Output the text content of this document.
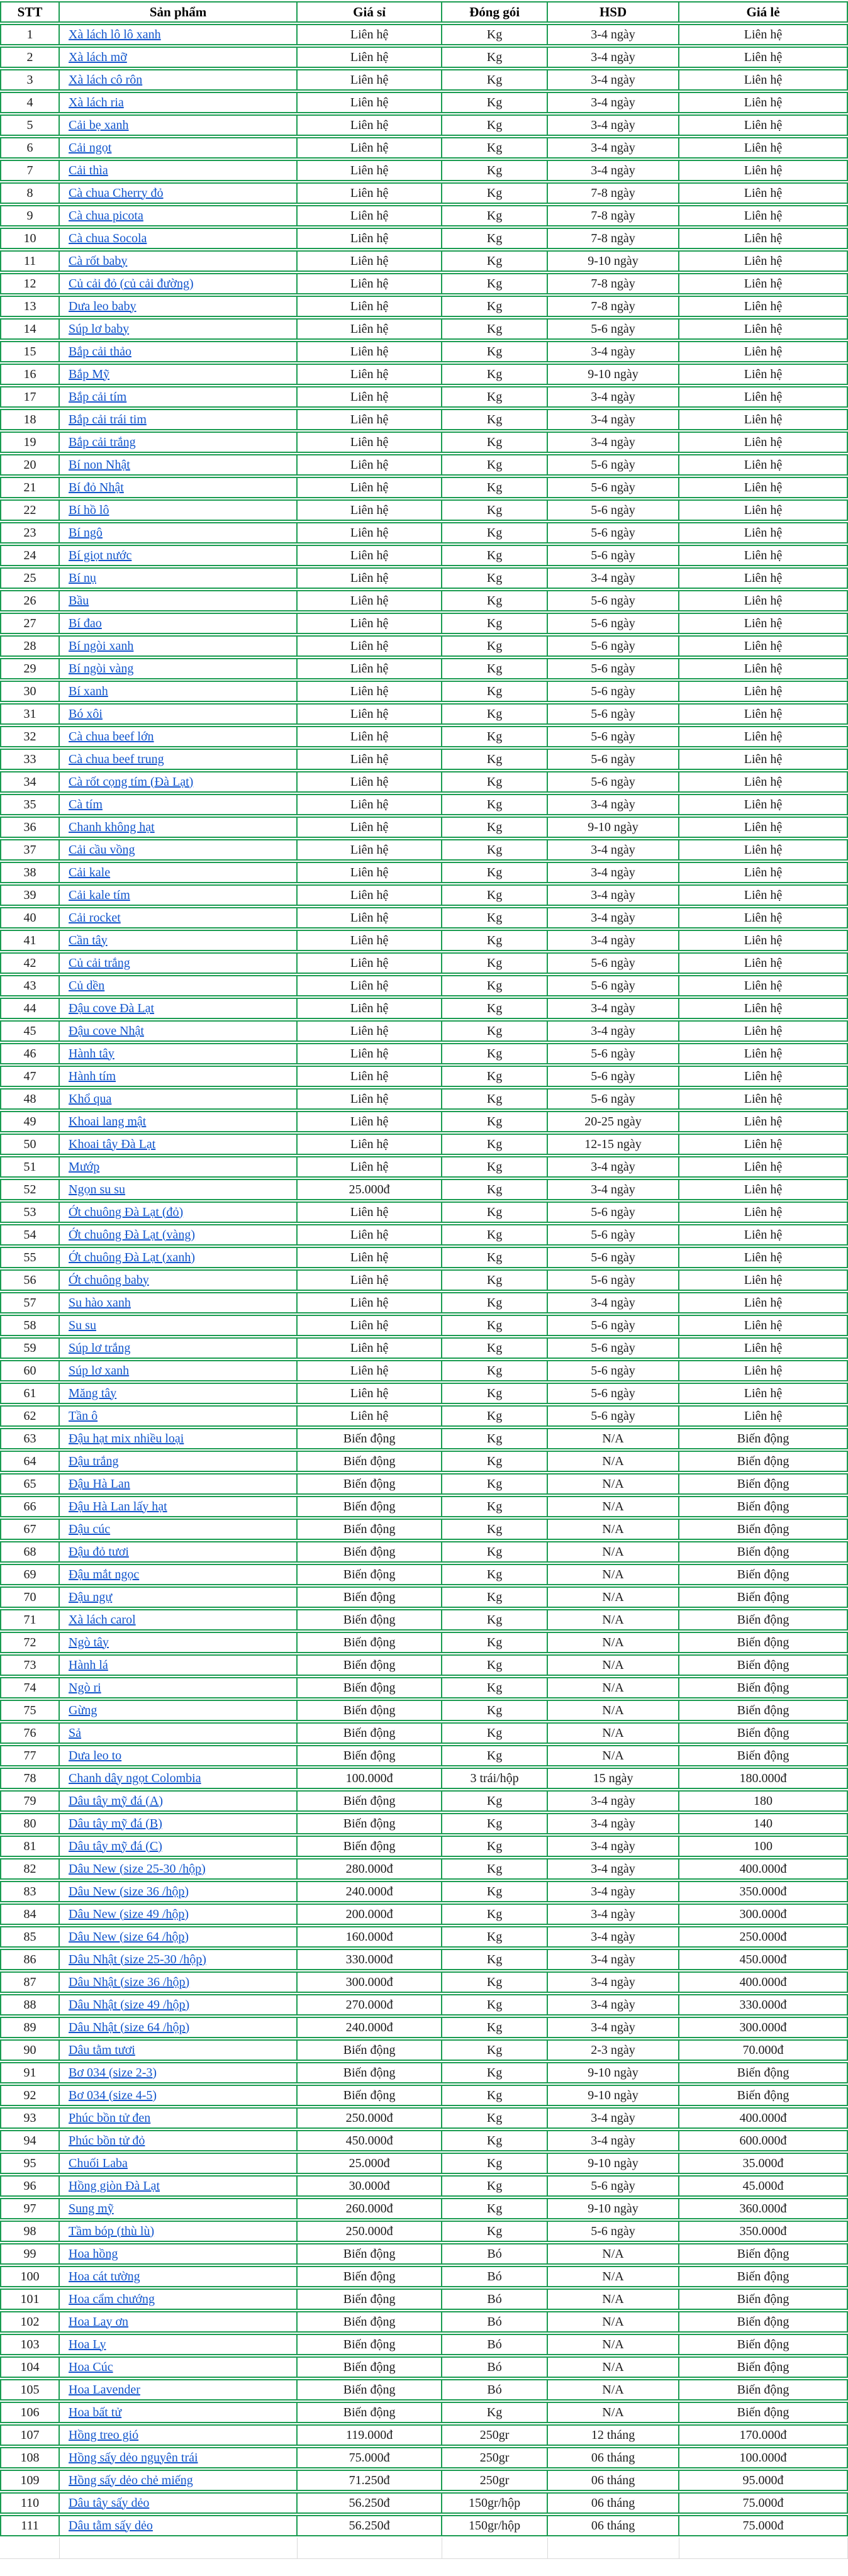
STT	Sản phẩm	Giá sỉ	Đóng gói	HSD	Giá lẻ
1	Xà lách lô lô xanh	Liên hệ	Kg	3-4 ngày	Liên hệ
2	Xà lách mỡ	Liên hệ	Kg	3-4 ngày	Liên hệ
3	Xà lách cô rôn	Liên hệ	Kg	3-4 ngày	Liên hệ
4	Xà lách ria	Liên hệ	Kg	3-4 ngày	Liên hệ
5	Cải bẹ xanh	Liên hệ	Kg	3-4 ngày	Liên hệ
6	Cải ngọt	Liên hệ	Kg	3-4 ngày	Liên hệ
7	Cải thìa	Liên hệ	Kg	3-4 ngày	Liên hệ
8	Cà chua Cherry đỏ	Liên hệ	Kg	7-8 ngày	Liên hệ
9	Cà chua picota	Liên hệ	Kg	7-8 ngày	Liên hệ
10	Cà chua Socola	Liên hệ	Kg	7-8 ngày	Liên hệ
11	Cà rốt baby	Liên hệ	Kg	9-10 ngày	Liên hệ
12	Củ cải đỏ (củ cải đường)	Liên hệ	Kg	7-8 ngày	Liên hệ
13	Dưa leo baby	Liên hệ	Kg	7-8 ngày	Liên hệ
14	Súp lơ baby	Liên hệ	Kg	5-6 ngày	Liên hệ
15	Bắp cải thảo	Liên hệ	Kg	3-4 ngày	Liên hệ
16	Bắp Mỹ	Liên hệ	Kg	9-10 ngày	Liên hệ
17	Bắp cải tím	Liên hệ	Kg	3-4 ngày	Liên hệ
18	Bắp cải trái tim	Liên hệ	Kg	3-4 ngày	Liên hệ
19	Bắp cải trắng	Liên hệ	Kg	3-4 ngày	Liên hệ
20	Bí non Nhật	Liên hệ	Kg	5-6 ngày	Liên hệ
21	Bí đỏ Nhật	Liên hệ	Kg	5-6 ngày	Liên hệ
22	Bí hồ lô	Liên hệ	Kg	5-6 ngày	Liên hệ
23	Bí ngô	Liên hệ	Kg	5-6 ngày	Liên hệ
24	Bí giọt nước	Liên hệ	Kg	5-6 ngày	Liên hệ
25	Bí nụ	Liên hệ	Kg	3-4 ngày	Liên hệ
26	Bầu	Liên hệ	Kg	5-6 ngày	Liên hệ
27	Bí đao	Liên hệ	Kg	5-6 ngày	Liên hệ
28	Bí ngòi xanh	Liên hệ	Kg	5-6 ngày	Liên hệ
29	Bí ngòi vàng	Liên hệ	Kg	5-6 ngày	Liên hệ
30	Bí xanh	Liên hệ	Kg	5-6 ngày	Liên hệ
31	Bó xôi	Liên hệ	Kg	5-6 ngày	Liên hệ
32	Cà chua beef lớn	Liên hệ	Kg	5-6 ngày	Liên hệ
33	Cà chua beef trung	Liên hệ	Kg	5-6 ngày	Liên hệ
34	Cà rốt cọng tím (Đà Lạt)	Liên hệ	Kg	5-6 ngày	Liên hệ
35	Cà tím	Liên hệ	Kg	3-4 ngày	Liên hệ
36	Chanh không hạt	Liên hệ	Kg	9-10 ngày	Liên hệ
37	Cải cầu vồng	Liên hệ	Kg	3-4 ngày	Liên hệ
38	Cải kale	Liên hệ	Kg	3-4 ngày	Liên hệ
39	Cải kale tím	Liên hệ	Kg	3-4 ngày	Liên hệ
40	Cải rocket	Liên hệ	Kg	3-4 ngày	Liên hệ
41	Cần tây	Liên hệ	Kg	3-4 ngày	Liên hệ
42	Củ cải trắng	Liên hệ	Kg	5-6 ngày	Liên hệ
43	Củ dền	Liên hệ	Kg	5-6 ngày	Liên hệ
44	Đậu cove Đà Lạt	Liên hệ	Kg	3-4 ngày	Liên hệ
45	Đậu cove Nhật	Liên hệ	Kg	3-4 ngày	Liên hệ
46	Hành tây	Liên hệ	Kg	5-6 ngày	Liên hệ
47	Hành tím	Liên hệ	Kg	5-6 ngày	Liên hệ
48	Khổ qua	Liên hệ	Kg	5-6 ngày	Liên hệ
49	Khoai lang mật	Liên hệ	Kg	20-25 ngày	Liên hệ
50	Khoai tây Đà Lạt	Liên hệ	Kg	12-15 ngày	Liên hệ
51	Mướp	Liên hệ	Kg	3-4 ngày	Liên hệ
52	Ngọn su su	25.000đ	Kg	3-4 ngày	Liên hệ
53	Ớt chuông Đà Lạt (đỏ)	Liên hệ	Kg	5-6 ngày	Liên hệ
54	Ớt chuông Đà Lạt (vàng)	Liên hệ	Kg	5-6 ngày	Liên hệ
55	Ớt chuông Đà Lạt (xanh)	Liên hệ	Kg	5-6 ngày	Liên hệ
56	Ớt chuông baby	Liên hệ	Kg	5-6 ngày	Liên hệ
57	Su hào xanh	Liên hệ	Kg	3-4 ngày	Liên hệ
58	Su su	Liên hệ	Kg	5-6 ngày	Liên hệ
59	Súp lơ trắng	Liên hệ	Kg	5-6 ngày	Liên hệ
60	Súp lơ xanh	Liên hệ	Kg	5-6 ngày	Liên hệ
61	Măng tây	Liên hệ	Kg	5-6 ngày	Liên hệ
62	Tần ô	Liên hệ	Kg	5-6 ngày	Liên hệ
63	Đậu hạt mix nhiều loại	Biến động	Kg	N/A	Biến động
64	Đậu trắng	Biến động	Kg	N/A	Biến động
65	Đậu Hà Lan	Biến động	Kg	N/A	Biến động
66	Đậu Hà Lan lấy hạt	Biến động	Kg	N/A	Biến động
67	Đậu cúc	Biến động	Kg	N/A	Biến động
68	Đậu đỏ tươi	Biến động	Kg	N/A	Biến động
69	Đậu mắt ngọc	Biến động	Kg	N/A	Biến động
70	Đậu ngự	Biến động	Kg	N/A	Biến động
71	Xà lách carol	Biến động	Kg	N/A	Biến động
72	Ngò tây	Biến động	Kg	N/A	Biến động
73	Hành lá	Biến động	Kg	N/A	Biến động
74	Ngò ri	Biến động	Kg	N/A	Biến động
75	Gừng	Biến động	Kg	N/A	Biến động
76	Sả	Biến động	Kg	N/A	Biến động
77	Dưa leo to	Biến động	Kg	N/A	Biến động
78	Chanh dây ngọt Colombia	100.000đ	3 trái/hộp	15 ngày	180.000đ
79	Dâu tây mỹ đá (A)	Biến động	Kg	3-4 ngày	180
80	Dâu tây mỹ đá (B)	Biến động	Kg	3-4 ngày	140
81	Dâu tây mỹ đá (C)	Biến động	Kg	3-4 ngày	100
82	Dâu New (size 25-30 /hộp)	280.000đ	Kg	3-4 ngày	400.000đ
83	Dâu New (size 36 /hộp)	240.000đ	Kg	3-4 ngày	350.000đ
84	Dâu New (size 49 /hộp)	200.000đ	Kg	3-4 ngày	300.000đ
85	Dâu New (size 64 /hộp)	160.000đ	Kg	3-4 ngày	250.000đ
86	Dâu Nhật (size 25-30 /hộp)	330.000đ	Kg	3-4 ngày	450.000đ
87	Dâu Nhật (size 36 /hộp)	300.000đ	Kg	3-4 ngày	400.000đ
88	Dâu Nhật (size 49 /hộp)	270.000đ	Kg	3-4 ngày	330.000đ
89	Dâu Nhật (size 64 /hộp)	240.000đ	Kg	3-4 ngày	300.000đ
90	Dâu tằm tươi	Biến động	Kg	2-3 ngày	70.000đ
91	Bơ 034 (size 2-3)	Biến động	Kg	9-10 ngày	Biến động
92	Bơ 034 (size 4-5)	Biến động	Kg	9-10 ngày	Biến động
93	Phúc bồn tử đen	250.000đ	Kg	3-4 ngày	400.000đ
94	Phúc bồn tử đỏ	450.000đ	Kg	3-4 ngày	600.000đ
95	Chuối Laba	25.000đ	Kg	9-10 ngày	35.000đ
96	Hồng giòn Đà Lạt	30.000đ	Kg	5-6 ngày	45.000đ
97	Sung mỹ	260.000đ	Kg	9-10 ngày	360.000đ
98	Tầm bóp (thù lù)	250.000đ	Kg	5-6 ngày	350.000đ
99	Hoa hồng	Biến động	Bó	N/A	Biến động
100	Hoa cát tường	Biến động	Bó	N/A	Biến động
101	Hoa cẩm chướng	Biến động	Bó	N/A	Biến động
102	Hoa Lay ơn	Biến động	Bó	N/A	Biến động
103	Hoa Ly	Biến động	Bó	N/A	Biến động
104	Hoa Cúc	Biến động	Bó	N/A	Biến động
105	Hoa Lavender	Biến động	Bó	N/A	Biến động
106	Hoa bất tử	Biến động	Kg	N/A	Biến động
107	Hồng treo gió	119.000đ	250gr	12 tháng	170.000đ
108	Hồng sấy dẻo nguyên trái	75.000đ	250gr	06 tháng	100.000đ
109	Hồng sấy dẻo chẻ miếng	71.250đ	250gr	06 tháng	95.000đ
110	Dâu tây sấy dẻo	56.250đ	150gr/hộp	06 tháng	75.000đ
111	Dâu tằm sấy dẻo	56.250đ	150gr/hộp	06 tháng	75.000đ
